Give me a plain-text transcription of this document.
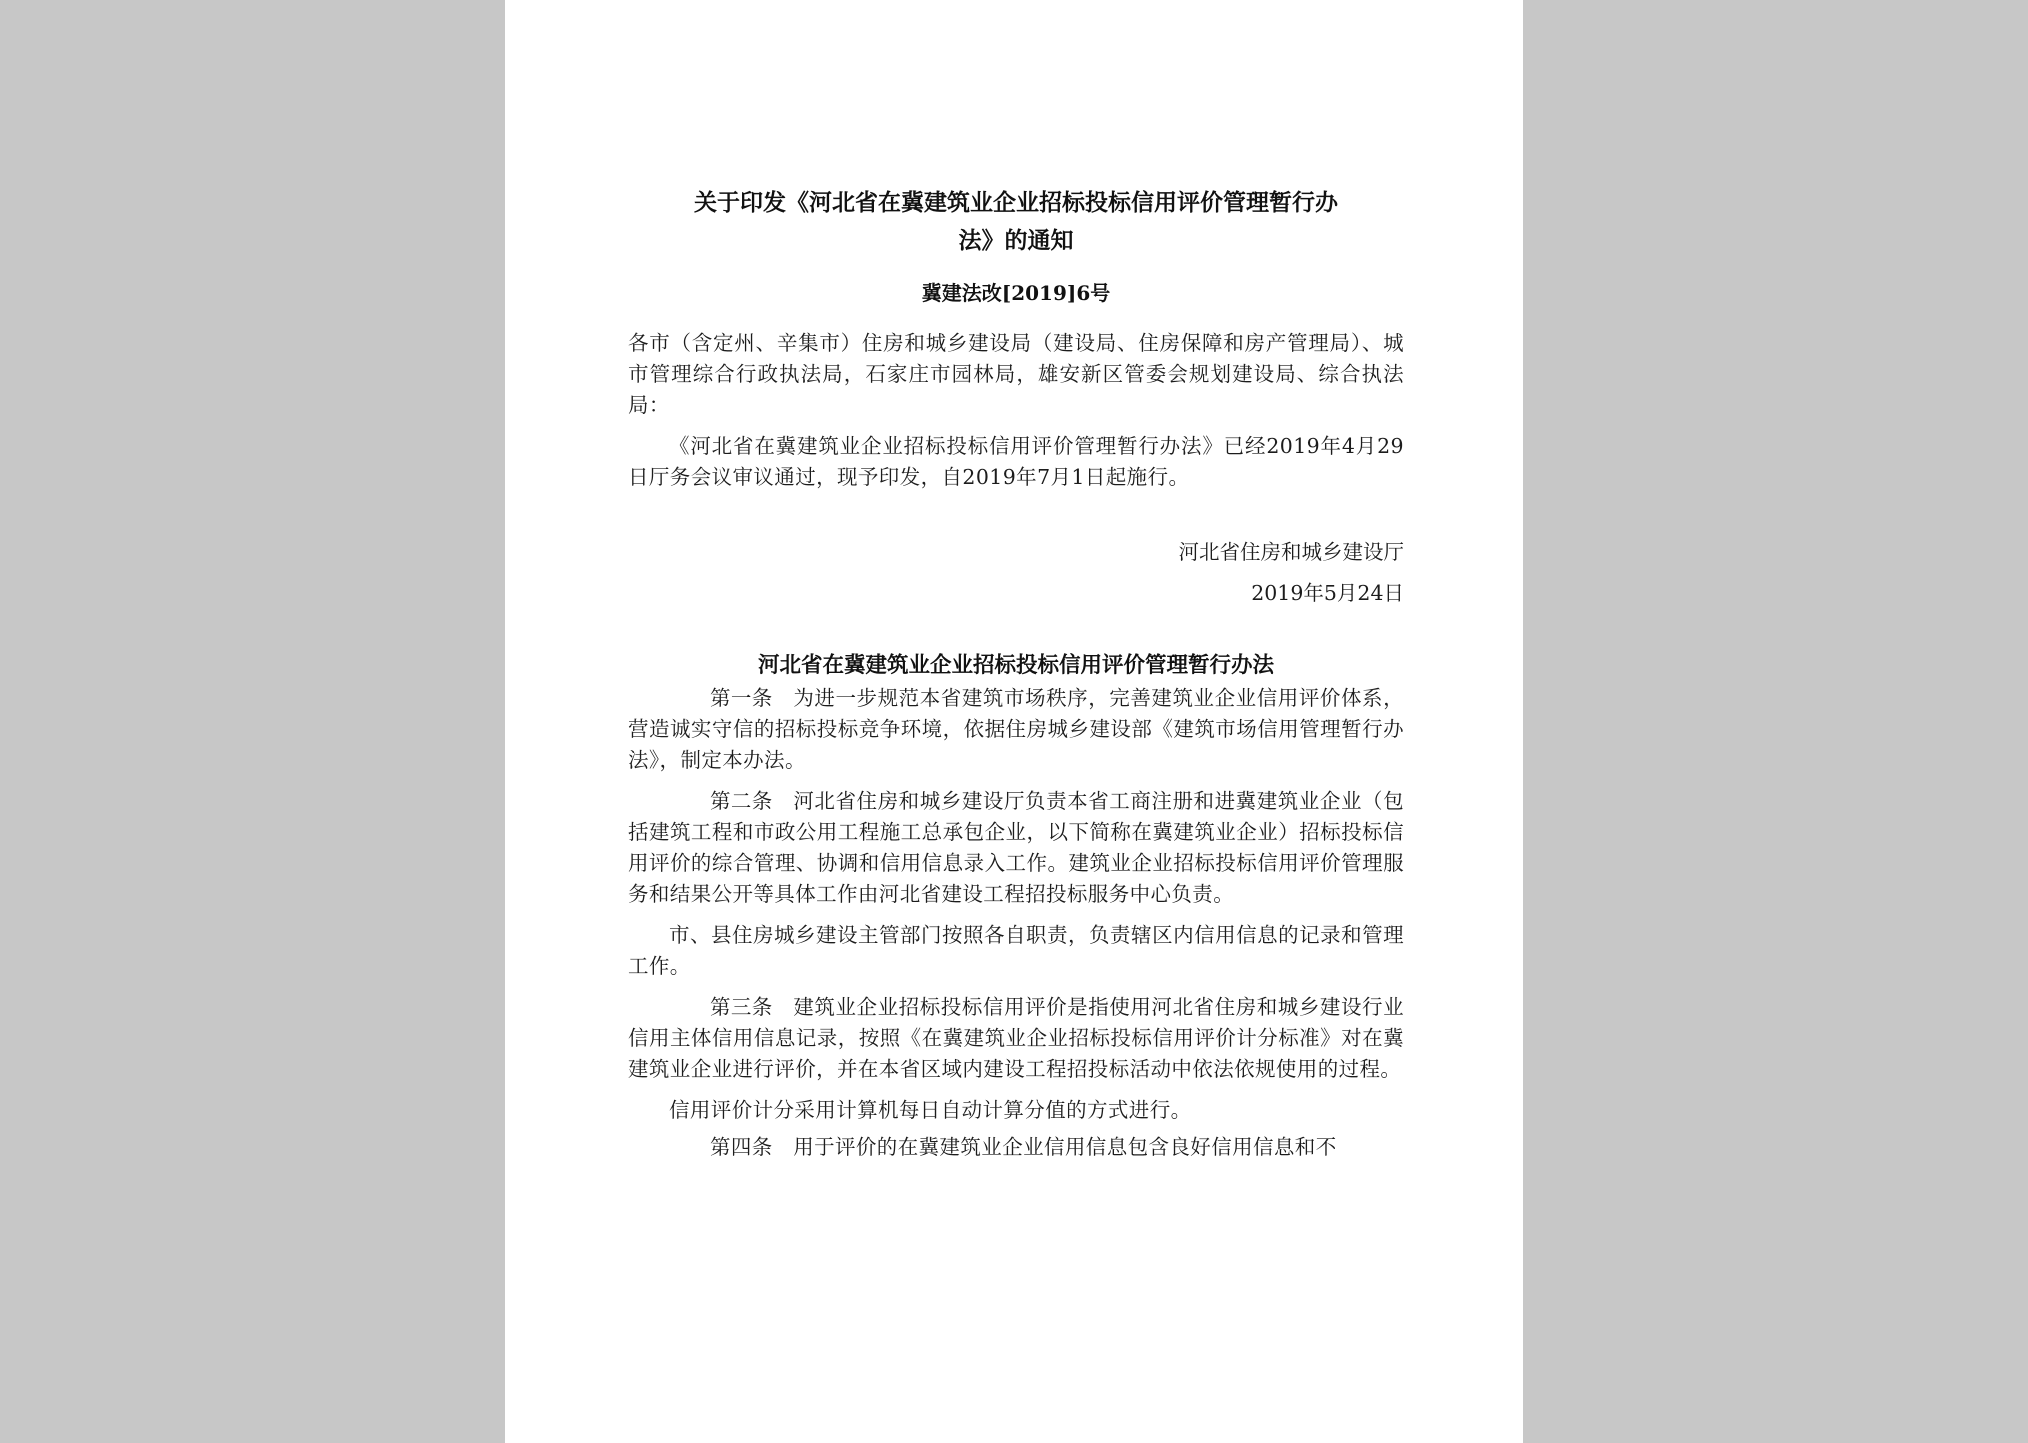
关于印发《河北省在冀建筑业企业招标投标信用评价管理暂行办
法》的通知

冀建法改[2019]6号

各市（含定州、辛集市）住房和城乡建设局（建设局、住房保障和房产管理局）、城市管理综合行政执法局，石家庄市园林局，雄安新区管委会规划建设局、综合执法局：

《河北省在冀建筑业企业招标投标信用评价管理暂行办法》已经2019年4月29日厅务会议审议通过，现予印发，自2019年7月1日起施行。

河北省住房和城乡建设厅

2019年5月24日

河北省在冀建筑业企业招标投标信用评价管理暂行办法

第一条 为进一步规范本省建筑市场秩序，完善建筑业企业信用评价体系，营造诚实守信的招标投标竞争环境，依据住房城乡建设部《建筑市场信用管理暂行办法》，制定本办法。

第二条 河北省住房和城乡建设厅负责本省工商注册和进冀建筑业企业（包括建筑工程和市政公用工程施工总承包企业，以下简称在冀建筑业企业）招标投标信用评价的综合管理、协调和信用信息录入工作。建筑业企业招标投标信用评价管理服务和结果公开等具体工作由河北省建设工程招投标服务中心负责。

市、县住房城乡建设主管部门按照各自职责，负责辖区内信用信息的记录和管理工作。

第三条 建筑业企业招标投标信用评价是指使用河北省住房和城乡建设行业信用主体信用信息记录，按照《在冀建筑业企业招标投标信用评价计分标准》对在冀建筑业企业进行评价，并在本省区域内建设工程招投标活动中依法依规使用的过程。

信用评价计分采用计算机每日自动计算分值的方式进行。

第四条 用于评价的在冀建筑业企业信用信息包含良好信用信息和不
